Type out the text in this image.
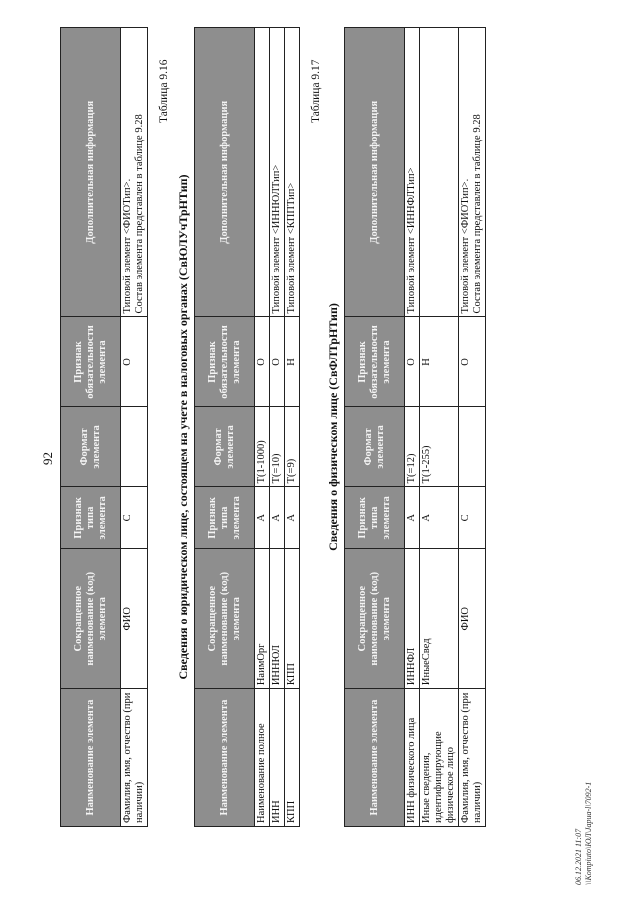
92
Наименование элемента	Сокращенное наименование (код) элемента	Признак типа элемента	Формат элемента	Признак обязательности элемента	Дополнительная информация
Фамилия, имя, отчество (при наличии)	ФИО	С		О	Типовой элемент <ФИОТип>. Состав элемента представлен в таблице 9.28
Таблица 9.16
Сведения о юридическом лице, состоящем на учете в налоговых органах (СвЮЛУчТрНТип)
Наименование элемента	Сокращенное наименование (код) элемента	Признак типа элемента	Формат элемента	Признак обязательности элемента	Дополнительная информация
Наименование полное	НаимОрг	А	T(1-1000)	О	
ИНН	ИННЮЛ	А	T(=10)	О	Типовой элемент <ИННЮЛТип>
КПП	КПП	А	T(=9)	Н	Типовой элемент <КППТип>
Таблица 9.17
Сведения о физическом лице (СвФЛТрНТип)
Наименование элемента	Сокращенное наименование (код) элемента	Признак типа элемента	Формат элемента	Признак обязательности элемента	Дополнительная информация
ИНН физического лица	ИННФЛ	А	T(=12)	О	Типовой элемент <ИННФЛТип>

Иные сведения, идентифицирующие физическое лицо	ИныеСвед	А	T(1-255)	Н	
Фамилия, имя, отчество (при наличии)	ФИО	С		О	Типовой элемент <ФИОТип>. Состав элемента представлен в таблице 9.28
06.12.2021 11:07 \\Kompiuto\ЮЛ\Japua-l\7092-1
